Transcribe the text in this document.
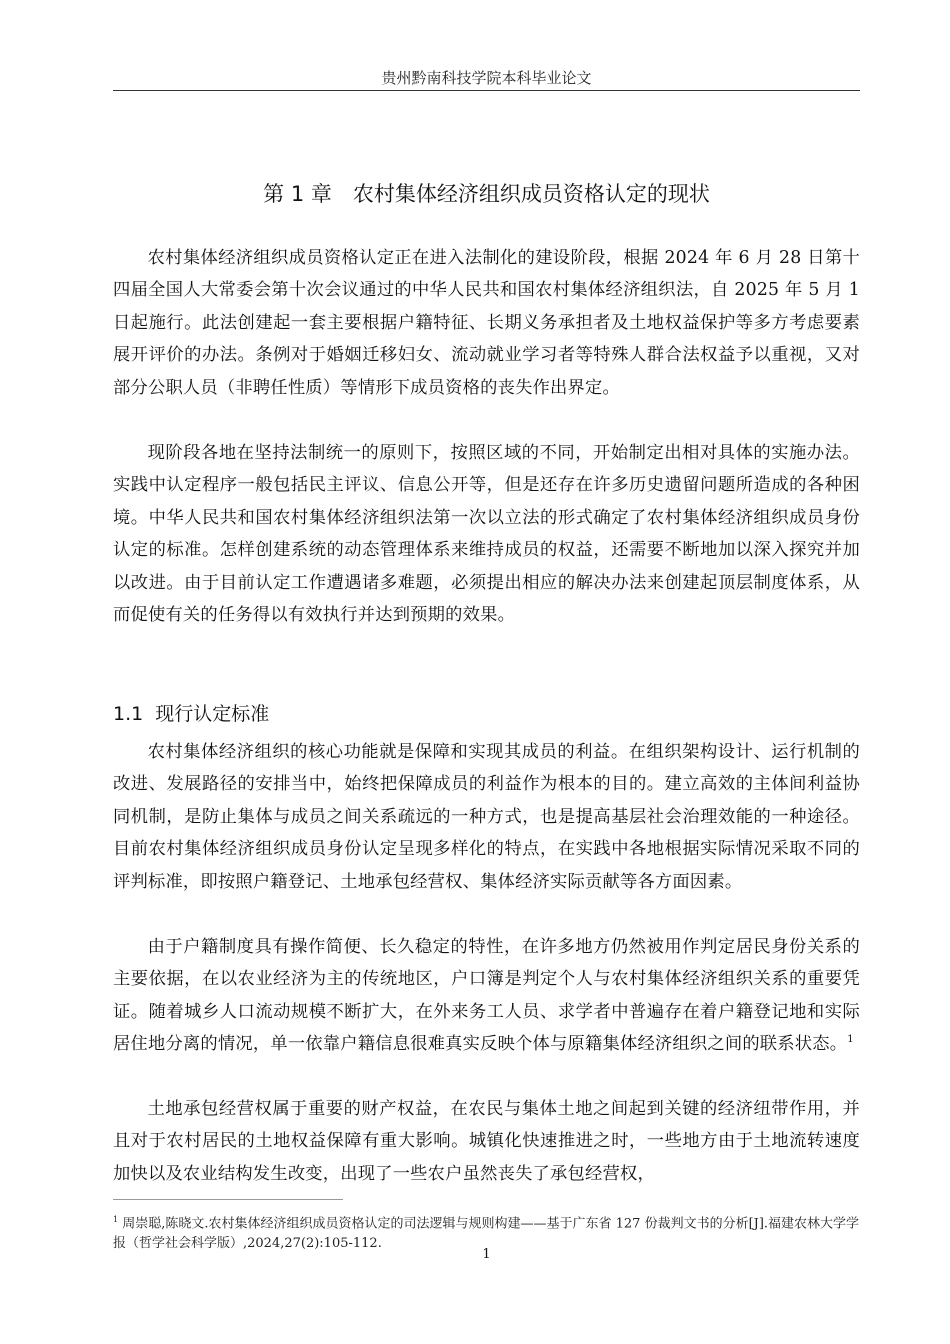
贵州黔南科技学院本科毕业论文
第 1 章　农村集体经济组织成员资格认定的现状

农村集体经济组织成员资格认定正在进入法制化的建设阶段，根据 2024 年 6 月 28 日第十四届全国人大常委会第十次会议通过的中华人民共和国农村集体经济组织法，自 2025 年 5 月 1 日起施行。此法创建起一套主要根据户籍特征、长期义务承担者及土地权益保护等多方考虑要素展开评价的办法。条例对于婚姻迁移妇女、流动就业学习者等特殊人群合法权益予以重视，又对部分公职人员（非聘任性质）等情形下成员资格的丧失作出界定。

现阶段各地在坚持法制统一的原则下，按照区域的不同，开始制定出相对具体的实施办法。实践中认定程序一般包括民主评议、信息公开等，但是还存在许多历史遗留问题所造成的各种困境。中华人民共和国农村集体经济组织法第一次以立法的形式确定了农村集体经济组织成员身份认定的标准。怎样创建系统的动态管理体系来维持成员的权益，还需要不断地加以深入探究并加以改进。由于目前认定工作遭遇诸多难题，必须提出相应的解决办法来创建起顶层制度体系，从而促使有关的任务得以有效执行并达到预期的效果。

1.1 现行认定标准

农村集体经济组织的核心功能就是保障和实现其成员的利益。在组织架构设计、运行机制的改进、发展路径的安排当中，始终把保障成员的利益作为根本的目的。建立高效的主体间利益协同机制，是防止集体与成员之间关系疏远的一种方式，也是提高基层社会治理效能的一种途径。目前农村集体经济组织成员身份认定呈现多样化的特点，在实践中各地根据实际情况采取不同的评判标准，即按照户籍登记、土地承包经营权、集体经济实际贡献等各方面因素。

由于户籍制度具有操作简便、长久稳定的特性，在许多地方仍然被用作判定居民身份关系的主要依据，在以农业经济为主的传统地区，户口簿是判定个人与农村集体经济组织关系的重要凭证。随着城乡人口流动规模不断扩大，在外来务工人员、求学者中普遍存在着户籍登记地和实际居住地分离的情况，单一依靠户籍信息很难真实反映个体与原籍集体经济组织之间的联系状态。$^1$

土地承包经营权属于重要的财产权益，在农民与集体土地之间起到关键的经济纽带作用，并且对于农村居民的土地权益保障有重大影响。城镇化快速推进之时，一些地方由于土地流转速度加快以及农业结构发生改变，出现了一些农户虽然丧失了承包经营权，

$^1$ 周崇聪,陈晓文.农村集体经济组织成员资格认定的司法逻辑与规则构建——基于广东省 127 份裁判文书的分析[J].福建农林大学学报（哲学社会科学版）,2024,27(2):105-112.
1
